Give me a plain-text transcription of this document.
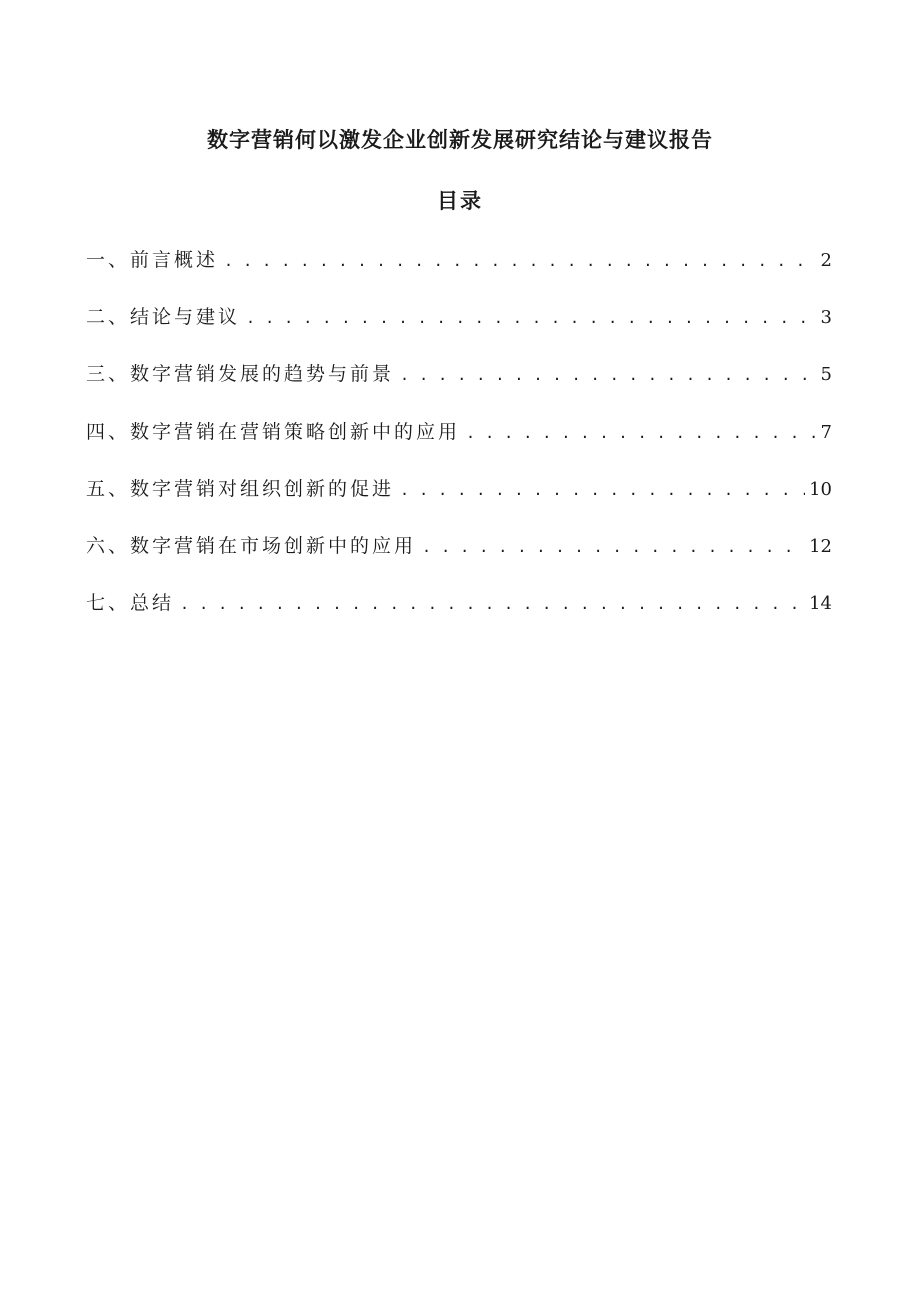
数字营销何以激发企业创新发展研究结论与建议报告
目录
一、前言概述 . . .	2
二、结论与建议 . . .	3
三、数字营销发展的趋势与前景 . . .	5
四、数字营销在营销策略创新中的应用 . . .	7
五、数字营销对组织创新的促进 . . .	10
六、数字营销在市场创新中的应用 . . .	12
七、总结 . . .	14
